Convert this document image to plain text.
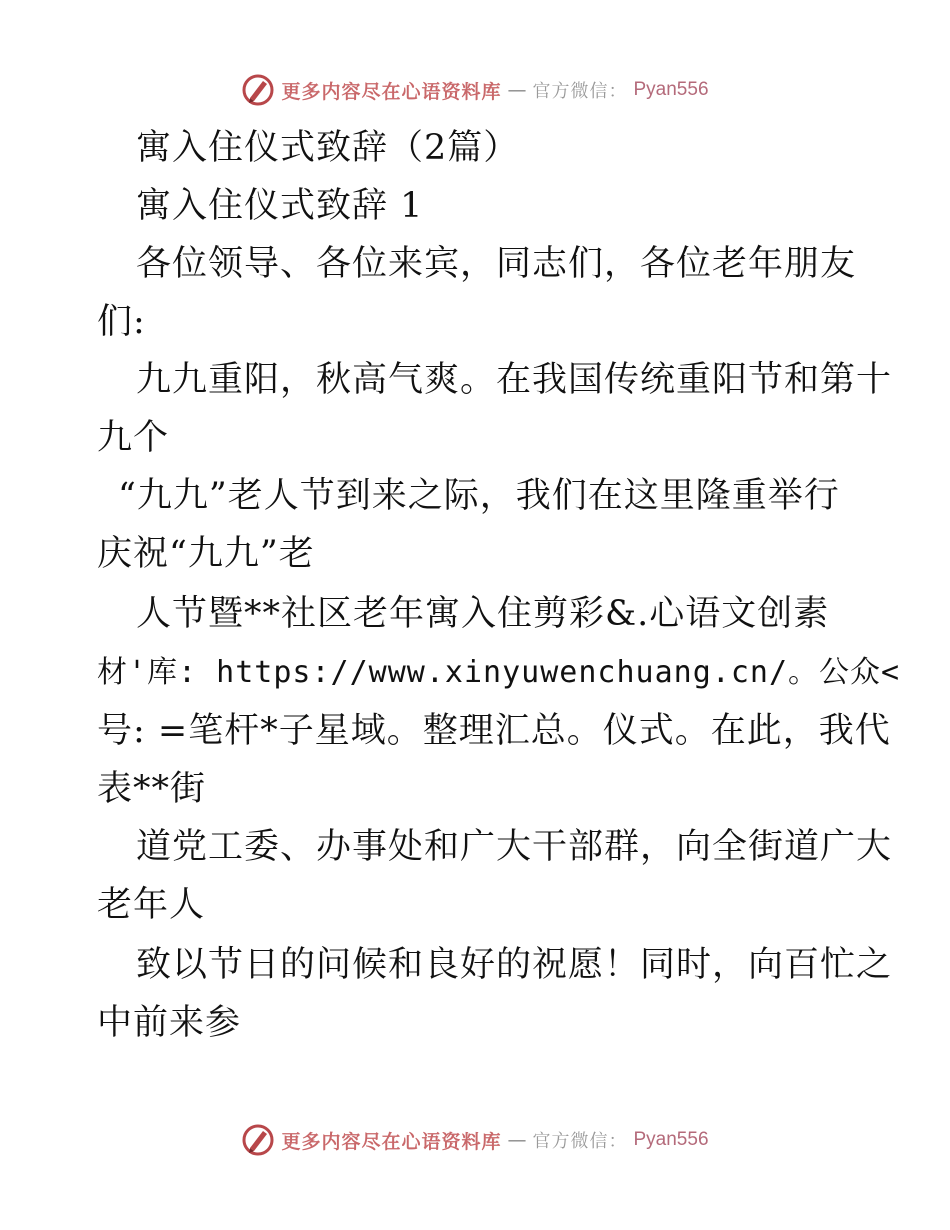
更多内容尽在心语资料库 — 官方微信： Pyan556
寓入住仪式致辞（2篇）
寓入住仪式致辞 1
各位领导、各位来宾，同志们，各位老年朋友
们:
九九重阳，秋高气爽。在我国传统重阳节和第十
九个
“九九”老人节到来之际，我们在这里隆重举行
庆祝“九九”老
人节暨**社区老年寓入住剪彩&.心语文创素
材'库: https://www.xinyuwenchuang.cn/。公众<
号: =笔杆*子星域。整理汇总。仪式。在此，我代
表**街
道党工委、办事处和广大干部群，向全街道广大
老年人
致以节日的问候和良好的祝愿！同时，向百忙之
中前来参
更多内容尽在心语资料库 — 官方微信： Pyan556
